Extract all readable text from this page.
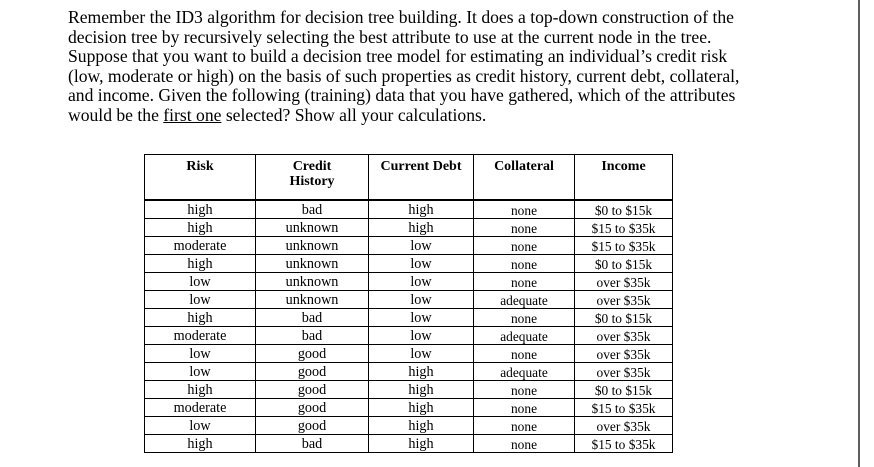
Remember the ID3 algorithm for decision tree building. It does a top-down construction of the
decision tree by recursively selecting the best attribute to use at the current node in the tree.
Suppose that you want to build a decision tree model for estimating an individual’s credit risk
(low, moderate or high) on the basis of such properties as credit history, current debt, collateral,
and income. Given the following (training) data that you have gathered, which of the attributes
would be the first one selected? Show all your calculations.
Risk	Credit
History	Current Debt	Collateral	Income
high	bad	high	none	$0 to $15k
high	unknown	high	none	$15 to $35k
moderate	unknown	low	none	$15 to $35k
high	unknown	low	none	$0 to $15k
low	unknown	low	none	over $35k
low	unknown	low	adequate	over $35k
high	bad	low	none	$0 to $15k
moderate	bad	low	adequate	over $35k
low	good	low	none	over $35k
low	good	high	adequate	over $35k
high	good	high	none	$0 to $15k
moderate	good	high	none	$15 to $35k
low	good	high	none	over $35k
high	bad	high	none	$15 to $35k
